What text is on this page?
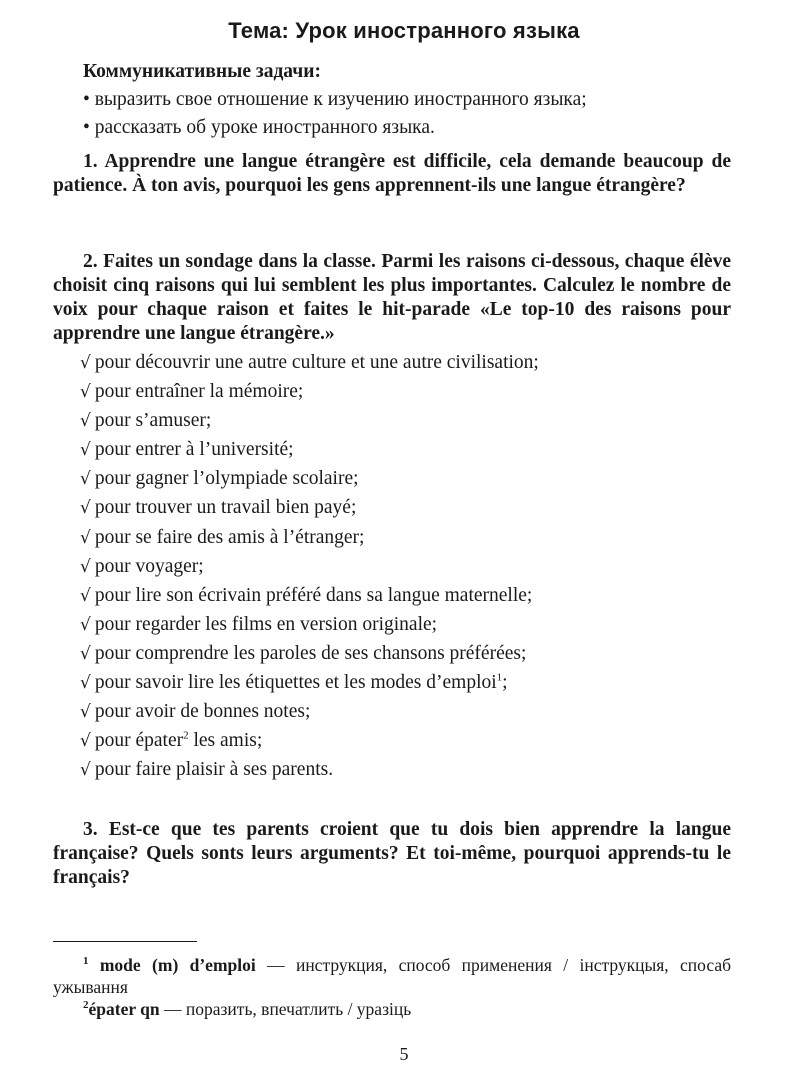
Тема: Урок иностранного языка
Коммуникативные задачи:
• выразить свое отношение к изучению иностранного языка;
• рассказать об уроке иностранного языка.
1. Apprendre une langue étrangère est difficile, cela demande beaucoup de patience. À ton avis, pourquoi les gens apprennent-ils une langue étrangère?
2. Faites un sondage dans la classe. Parmi les raisons ci-dessous, chaque élève choisit cinq raisons qui lui semblent les plus importantes. Calculez le nombre de voix pour chaque raison et faites le hit-parade «Le top-10 des raisons pour apprendre une langue étrangère.»
√ pour découvrir une autre culture et une autre civilisation;
√ pour entraîner la mémoire;
√ pour s’amuser;
√ pour entrer à l’université;
√ pour gagner l’olympiade scolaire;
√ pour trouver un travail bien payé;
√ pour se faire des amis à l’étranger;
√ pour voyager;
√ pour lire son écrivain préféré dans sa langue maternelle;
√ pour regarder les films en version originale;
√ pour comprendre les paroles de ses chansons préférées;
√ pour savoir lire les étiquettes et les modes d’emploi$^1$;
√ pour avoir de bonnes notes;
√ pour épater$^2$ les amis;
√ pour faire plaisir à ses parents.
3. Est-ce que tes parents croient que tu dois bien apprendre la langue française? Quels sonts leurs arguments? Et toi-même, pourquoi apprends-tu le français?
$^1$ mode (m) d’emploi — инструкция, способ применения / інструкцыя, спосаб ужывання
$^2$épater qn — поразить, впечатлить / уразіць
5
